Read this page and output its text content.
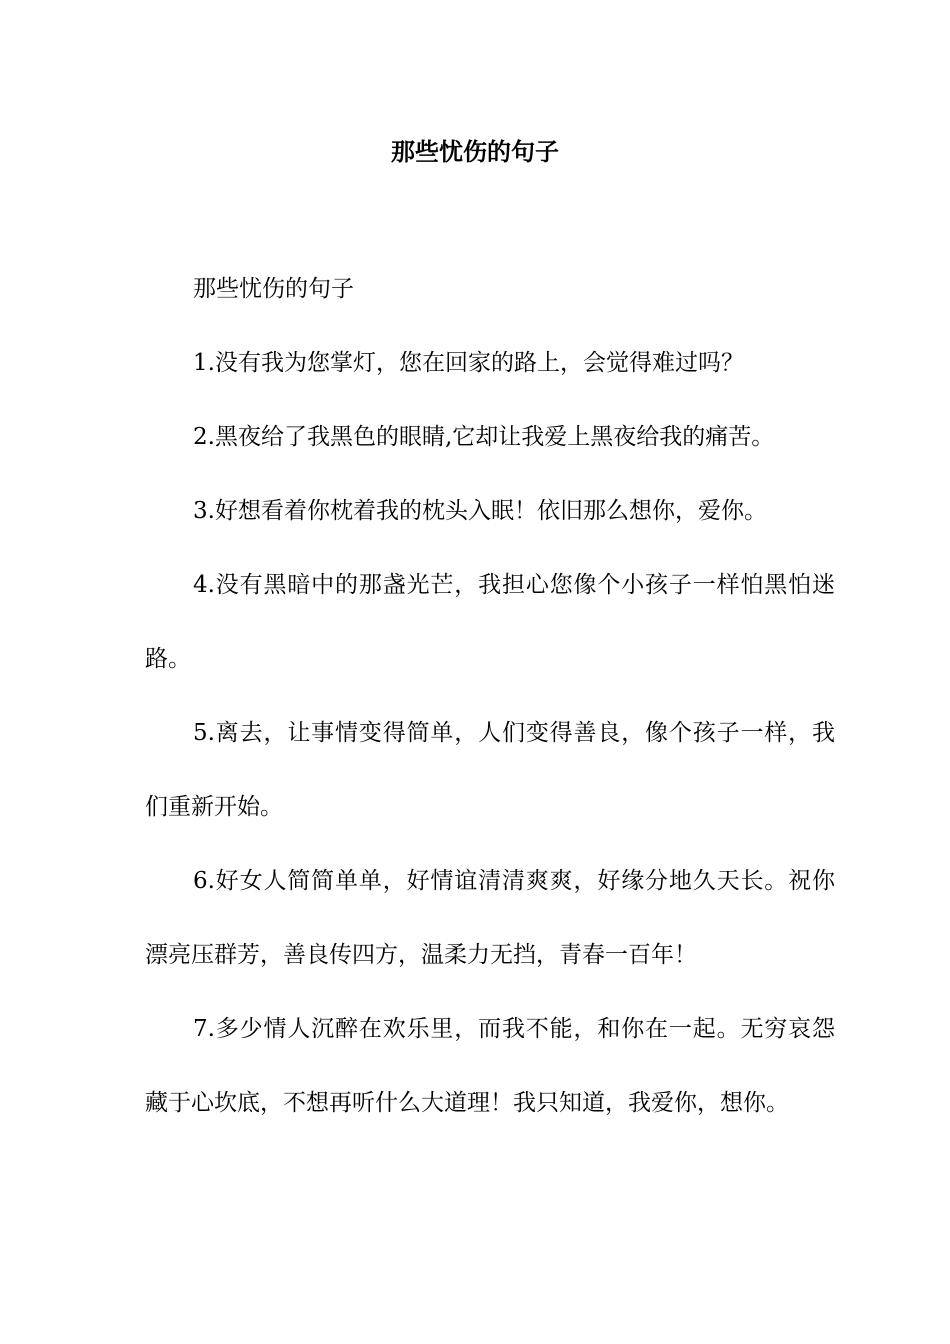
那些忧伤的句子

那些忧伤的句子

1.没有我为您掌灯，您在回家的路上，会觉得难过吗？

2.黑夜给了我黑色的眼睛,它却让我爱上黑夜给我的痛苦。

3.好想看着你枕着我的枕头入眠！依旧那么想你，爱你。

4.没有黑暗中的那盏光芒，我担心您像个小孩子一样怕黑怕迷路。

5.离去，让事情变得简单，人们变得善良，像个孩子一样，我们重新开始。

6.好女人简简单单，好情谊清清爽爽，好缘分地久天长。祝你漂亮压群芳，善良传四方，温柔力无挡，青春一百年！

7.多少情人沉醉在欢乐里，而我不能，和你在一起。无穷哀怨藏于心坎底，不想再听什么大道理！我只知道，我爱你，想你。
